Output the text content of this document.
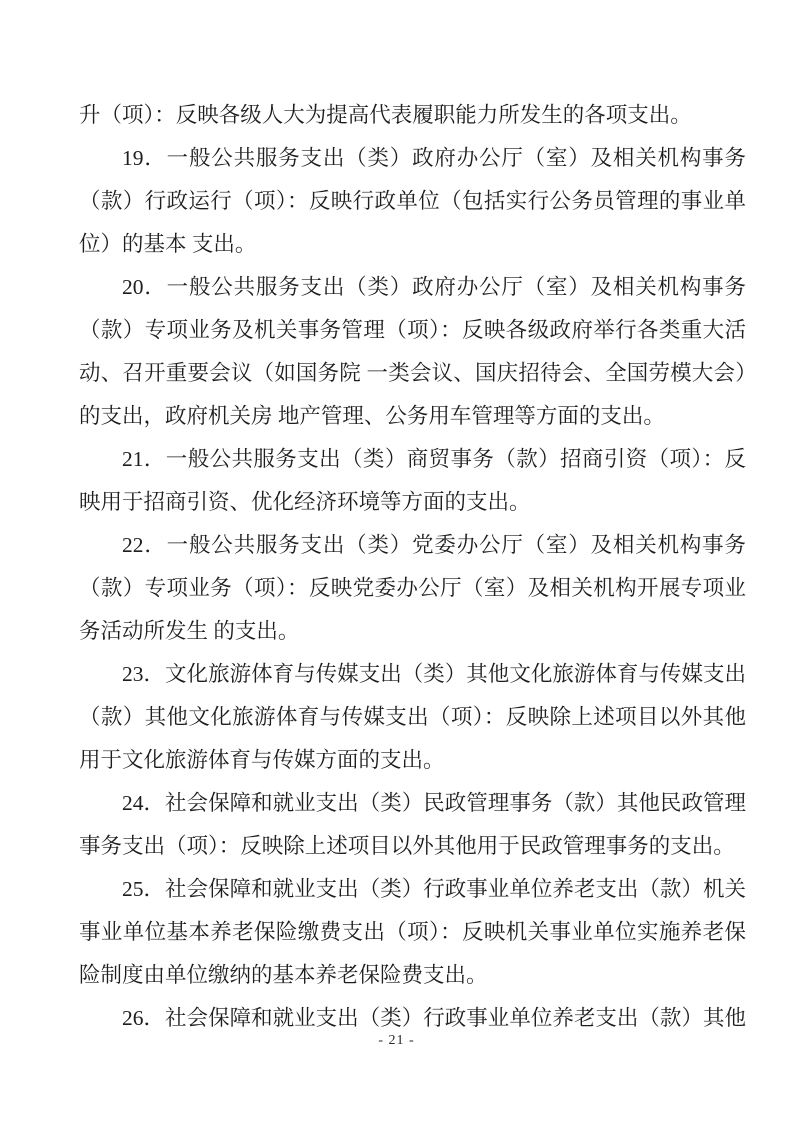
升（项）：反映各级人大为提高代表履职能力所发生的各项支出。

19．一般公共服务支出（类）政府办公厅（室）及相关机构事务（款）行政运行（项）：反映行政单位（包括实行公务员管理的事业单位）的基本 支出。

20．一般公共服务支出（类）政府办公厅（室）及相关机构事务（款）专项业务及机关事务管理（项）：反映各级政府举行各类重大活动、召开重要会议（如国务院 一类会议、国庆招待会、全国劳模大会）的支出，政府机关房 地产管理、公务用车管理等方面的支出。

21．一般公共服务支出（类）商贸事务（款）招商引资（项）：反映用于招商引资、优化经济环境等方面的支出。

22．一般公共服务支出（类）党委办公厅（室）及相关机构事务（款）专项业务（项）：反映党委办公厅（室）及相关机构开展专项业务活动所发生 的支出。

23．文化旅游体育与传媒支出（类）其他文化旅游体育与传媒支出（款）其他文化旅游体育与传媒支出（项）：反映除上述项目以外其他用于文化旅游体育与传媒方面的支出。

24．社会保障和就业支出（类）民政管理事务（款）其他民政管理事务支出（项）：反映除上述项目以外其他用于民政管理事务的支出。

25．社会保障和就业支出（类）行政事业单位养老支出（款）机关事业单位基本养老保险缴费支出（项）：反映机关事业单位实施养老保险制度由单位缴纳的基本养老保险费支出。

26．社会保障和就业支出（类）行政事业单位养老支出（款）其他

- 21 -
